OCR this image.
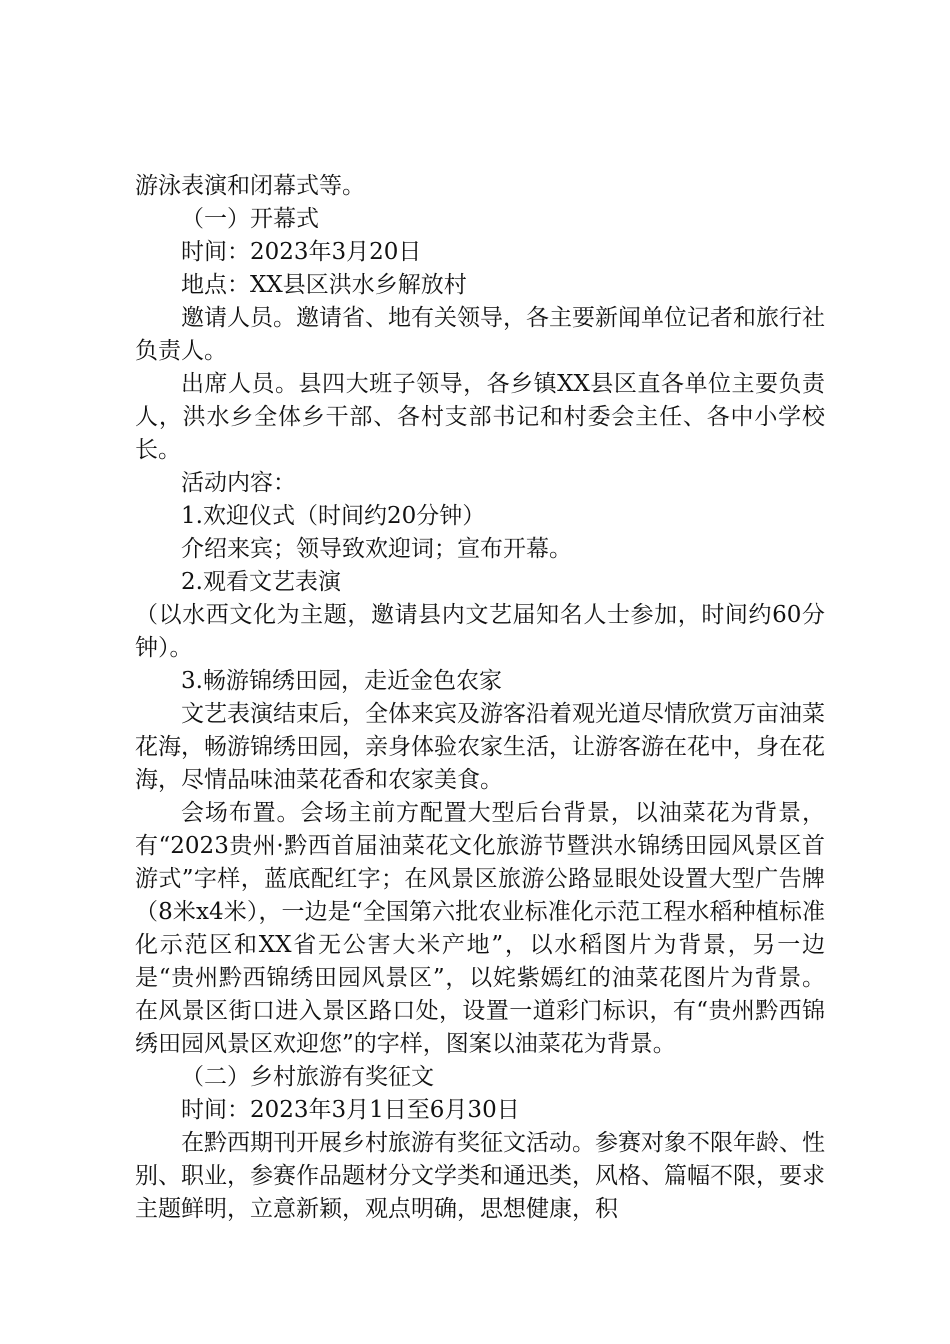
游泳表演和闭幕式等。

（一）开幕式

时间：2023年3月20日

地点：XX县区洪水乡解放村

邀请人员。邀请省、地有关领导，各主要新闻单位记者和旅行社负责人。

出席人员。县四大班子领导，各乡镇XX县区直各单位主要负责人，洪水乡全体乡干部、各村支部书记和村委会主任、各中小学校长。

活动内容：

1.欢迎仪式（时间约20分钟）

介绍来宾；领导致欢迎词；宣布开幕。

2.观看文艺表演

（以水西文化为主题，邀请县内文艺届知名人士参加，时间约60分钟）。

3.畅游锦绣田园，走近金色农家

文艺表演结束后，全体来宾及游客沿着观光道尽情欣赏万亩油菜花海，畅游锦绣田园，亲身体验农家生活，让游客游在花中，身在花海，尽情品味油菜花香和农家美食。

会场布置。会场主前方配置大型后台背景，以油菜花为背景，有“2023贵州·黔西首届油菜花文化旅游节暨洪水锦绣田园风景区首游式”字样，蓝底配红字；在风景区旅游公路显眼处设置大型广告牌（8米x4米），一边是“全国第六批农业标准化示范工程水稻种植标准化示范区和XX省无公害大米产地”，以水稻图片为背景，另一边是“贵州黔西锦绣田园风景区”，以姹紫嫣红的油菜花图片为背景。在风景区街口进入景区路口处，设置一道彩门标识，有“贵州黔西锦绣田园风景区欢迎您”的字样，图案以油菜花为背景。

（二）乡村旅游有奖征文

时间：2023年3月1日至6月30日

在黔西期刊开展乡村旅游有奖征文活动。参赛对象不限年龄、性别、职业，参赛作品题材分文学类和通迅类，风格、篇幅不限，要求主题鲜明，立意新颖，观点明确，思想健康，积
